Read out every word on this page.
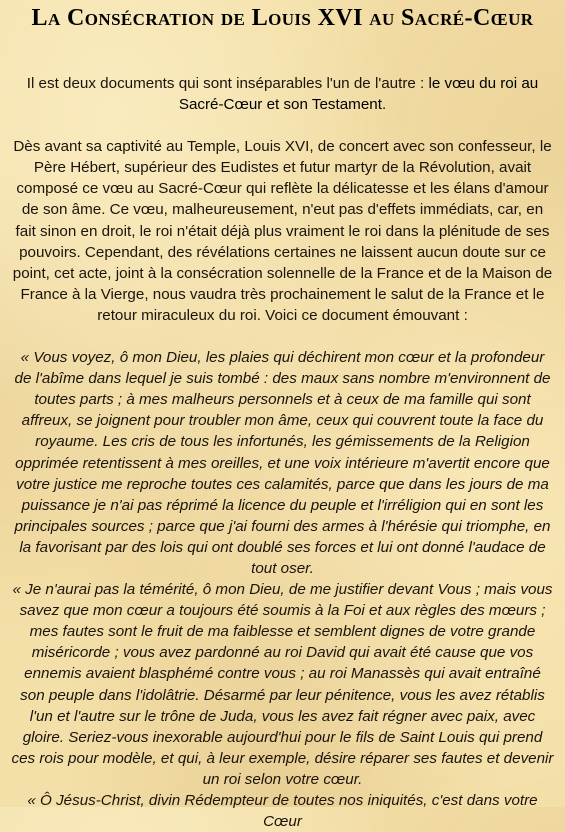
La Consécration de Louis XVI au Sacré-Cœur

Il est deux documents qui sont inséparables l'un de l'autre : le vœu du roi au Sacré-Cœur et son Testament.

Dès avant sa captivité au Temple, Louis XVI, de concert avec son confesseur, le Père Hébert, supérieur des Eudistes et futur martyr de la Révolution, avait composé ce vœu au Sacré-Cœur qui reflète la délicatesse et les élans d'amour de son âme. Ce vœu, malheureusement, n'eut pas d'effets immédiats, car, en fait sinon en droit, le roi n'était déjà plus vraiment le roi dans la plénitude de ses pouvoirs. Cependant, des révélations certaines ne laissent aucun doute sur ce point, cet acte, joint à la consécration solennelle de la France et de la Maison de France à la Vierge, nous vaudra très prochainement le salut de la France et le retour miraculeux du roi. Voici ce document émouvant :

« Vous voyez, ô mon Dieu, les plaies qui déchirent mon cœur et la profondeur de l'abîme dans lequel je suis tombé : des maux sans nombre m'environnent de toutes parts ; à mes malheurs personnels et à ceux de ma famille qui sont affreux, se joignent pour troubler mon âme, ceux qui couvrent toute la face du royaume. Les cris de tous les infortunés, les gémissements de la Religion opprimée retentissent à mes oreilles, et une voix intérieure m'avertit encore que votre justice me reproche toutes ces calamités, parce que dans les jours de ma puissance je n'ai pas réprimé la licence du peuple et l'irréligion qui en sont les principales sources ; parce que j'ai fourni des armes à l'hérésie qui triomphe, en la favorisant par des lois qui ont doublé ses forces et lui ont donné l'audace de tout oser.

« Je n'aurai pas la témérité, ô mon Dieu, de me justifier devant Vous ; mais vous savez que mon cœur a toujours été soumis à la Foi et aux règles des mœurs ; mes fautes sont le fruit de ma faiblesse et semblent dignes de votre grande miséricorde ; vous avez pardonné au roi David qui avait été cause que vos ennemis avaient blasphémé contre vous ; au roi Manassès qui avait entraîné son peuple dans l'idolâtrie. Désarmé par leur pénitence, vous les avez rétablis l'un et l'autre sur le trône de Juda, vous les avez fait régner avec paix, avec gloire. Seriez-vous inexorable aujourd'hui pour le fils de Saint Louis qui prend ces rois pour modèle, et qui, à leur exemple, désire réparer ses fautes et devenir un roi selon votre cœur.

« Ô Jésus-Christ, divin Rédempteur de toutes nos iniquités, c'est dans votre Cœur
